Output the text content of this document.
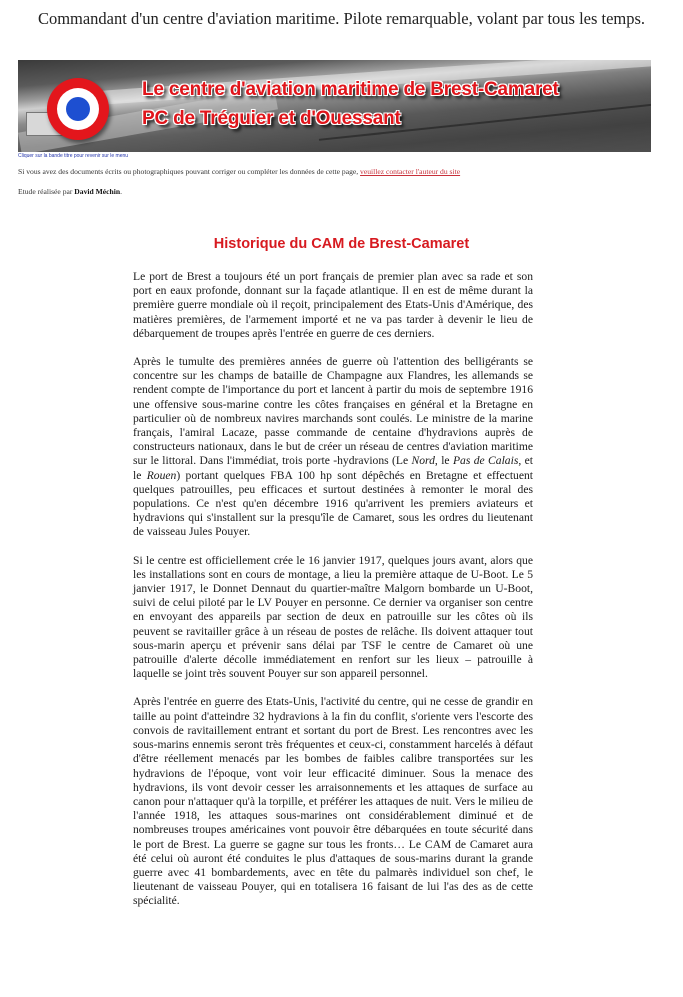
Commandant d'un centre d'aviation maritime. Pilote remarquable, volant par tous les temps.
Le centre d'aviation maritime de Brest-Camaret
PC de Tréguier et d'Ouessant
Cliquer sur la bande titre pour revenir sur le menu
Si vous avez des documents écrits ou photographiques pouvant corriger ou compléter les données de cette page, veuillez contacter l'auteur du site
Etude réalisée par David Méchin.
Historique du CAM de Brest-Camaret

Le port de Brest a toujours été un port français de premier plan avec sa rade et son port en eaux profonde, donnant sur la façade atlantique. Il en est de même durant la première guerre mondiale où il reçoit, principalement des Etats-Unis d'Amérique, des matières premières, de l'armement importé et ne va pas tarder à devenir le lieu de débarquement de troupes après l'entrée en guerre de ces derniers.

Après le tumulte des premières années de guerre où l'attention des belligérants se concentre sur les champs de bataille de Champagne aux Flandres, les allemands se rendent compte de l'importance du port et lancent à partir du mois de septembre 1916 une offensive sous-marine contre les côtes françaises en général et la Bretagne en particulier où de nombreux navires marchands sont coulés. Le ministre de la marine français, l'amiral Lacaze, passe commande de centaine d'hydravions auprès de constructeurs nationaux, dans le but de créer un réseau de centres d'aviation maritime sur le littoral. Dans l'immédiat, trois porte -hydravions (Le Nord, le Pas de Calais, et le Rouen) portant quelques FBA 100 hp sont dépêchés en Bretagne et effectuent quelques patrouilles, peu efficaces et surtout destinées à remonter le moral des populations. Ce n'est qu'en décembre 1916 qu'arrivent les premiers aviateurs et hydravions qui s'installent sur la presqu'île de Camaret, sous les ordres du lieutenant de vaisseau Jules Pouyer.

Si le centre est officiellement crée le 16 janvier 1917, quelques jours avant, alors que les installations sont en cours de montage, a lieu la première attaque de U-Boot. Le 5 janvier 1917, le Donnet Dennaut du quartier-maître Malgorn bombarde un U-Boot, suivi de celui piloté par le LV Pouyer en personne. Ce dernier va organiser son centre en envoyant des appareils par section de deux en patrouille sur les côtes où ils peuvent se ravitailler grâce à un réseau de postes de relâche. Ils doivent attaquer tout sous-marin aperçu et prévenir sans délai par TSF le centre de Camaret où une patrouille d'alerte décolle immédiatement en renfort sur les lieux – patrouille à laquelle se joint très souvent Pouyer sur son appareil personnel.

Après l'entrée en guerre des Etats-Unis, l'activité du centre, qui ne cesse de grandir en taille au point d'atteindre 32 hydravions à la fin du conflit, s'oriente vers l'escorte des convois de ravitaillement entrant et sortant du port de Brest. Les rencontres avec les sous-marins ennemis seront très fréquentes et ceux-ci, constamment harcelés à défaut d'être réellement menacés par les bombes de faibles calibre transportées sur les hydravions de l'époque, vont voir leur efficacité diminuer. Sous la menace des hydravions, ils vont devoir cesser les arraisonnements et les attaques de surface au canon pour n'attaquer qu'à la torpille, et préférer les attaques de nuit. Vers le milieu de l'année 1918, les attaques sous-marines ont considérablement diminué et de nombreuses troupes américaines vont pouvoir être débarquées en toute sécurité dans le port de Brest. La guerre se gagne sur tous les fronts… Le CAM de Camaret aura été celui où auront été conduites le plus d'attaques de sous-marins durant la grande guerre avec 41 bombardements, avec en tête du palmarès individuel son chef, le lieutenant de vaisseau Pouyer, qui en totalisera 16 faisant de lui l'as des as de cette spécialité.
